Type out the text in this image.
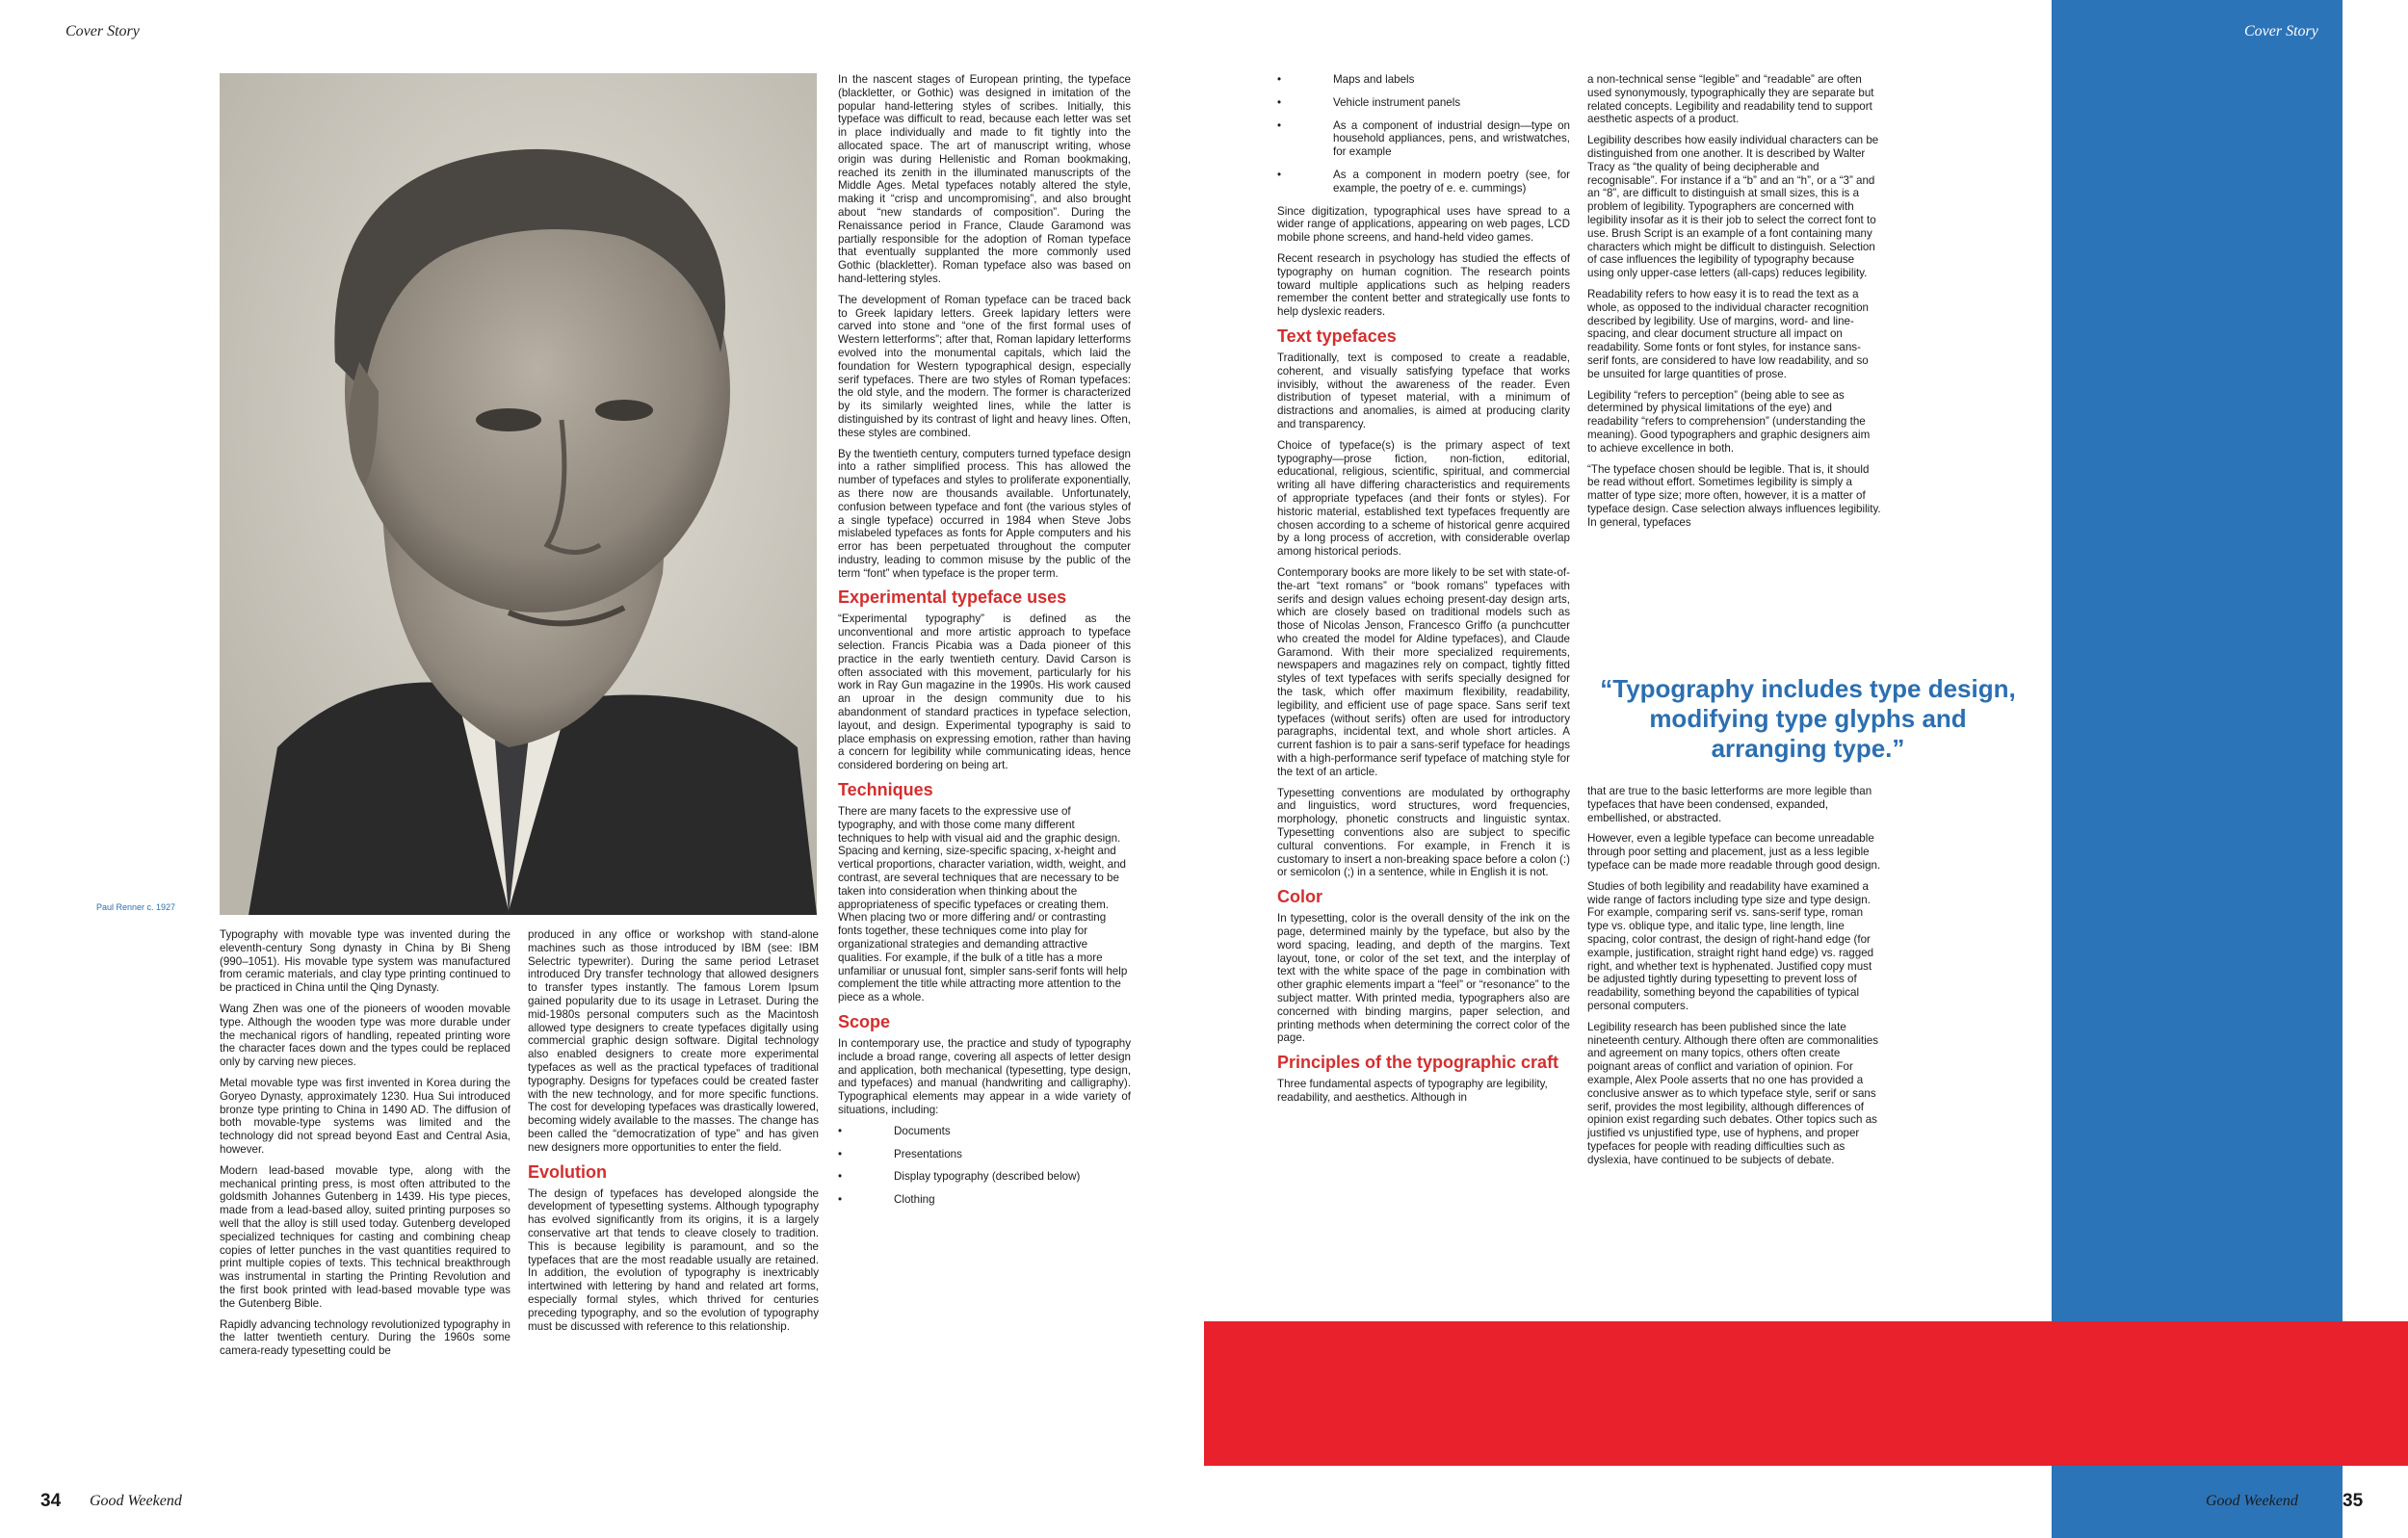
Cover Story	Cover Story
Paul Renner c. 1927

Typography with movable type was invented during the eleventh-century Song dynasty in China by Bi Sheng (990–1051). His movable type system was manufactured from ceramic materials, and clay type printing continued to be practiced in China until the Qing Dynasty.

Wang Zhen was one of the pioneers of wooden movable type. Although the wooden type was more durable under the mechanical rigors of handling, repeated printing wore the character faces down and the types could be replaced only by carving new pieces.

Metal movable type was first invented in Korea during the Goryeo Dynasty, approximately 1230. Hua Sui introduced bronze type printing to China in 1490 AD. The diffusion of both movable-type systems was limited and the technology did not spread beyond East and Central Asia, however.

Modern lead-based movable type, along with the mechanical printing press, is most often attributed to the goldsmith Johannes Gutenberg in 1439. His type pieces, made from a lead-based alloy, suited printing purposes so well that the alloy is still used today. Gutenberg developed specialized techniques for casting and combining cheap copies of letter punches in the vast quantities required to print multiple copies of texts. This technical breakthrough was instrumental in starting the Printing Revolution and the first book printed with lead-based movable type was the Gutenberg Bible.

Rapidly advancing technology revolutionized typography in the latter twentieth century. During the 1960s some camera-ready typesetting could be

produced in any office or workshop with stand-alone machines such as those introduced by IBM (see: IBM Selectric typewriter). During the same period Letraset introduced Dry transfer technology that allowed designers to transfer types instantly. The famous Lorem Ipsum gained popularity due to its usage in Letraset. During the mid-1980s personal computers such as the Macintosh allowed type designers to create typefaces digitally using commercial graphic design software. Digital technology also enabled designers to create more experimental typefaces as well as the practical typefaces of traditional typography. Designs for typefaces could be created faster with the new technology, and for more specific functions. The cost for developing typefaces was drastically lowered, becoming widely available to the masses. The change has been called the “democratization of type” and has given new designers more opportunities to enter the field.

Evolution

The design of typefaces has developed alongside the development of typesetting systems. Although typography has evolved significantly from its origins, it is a largely conservative art that tends to cleave closely to tradition. This is because legibility is paramount, and so the typefaces that are the most readable usually are retained. In addition, the evolution of typography is inextricably intertwined with lettering by hand and related art forms, especially formal styles, which thrived for centuries preceding typography, and so the evolution of typography must be discussed with reference to this relationship.

In the nascent stages of European printing, the typeface (blackletter, or Gothic) was designed in imitation of the popular hand-lettering styles of scribes. Initially, this typeface was difficult to read, because each letter was set in place individually and made to fit tightly into the allocated space. The art of manuscript writing, whose origin was during Hellenistic and Roman bookmaking, reached its zenith in the illuminated manuscripts of the Middle Ages. Metal typefaces notably altered the style, making it “crisp and uncompromising”, and also brought about “new standards of composition”. During the Renaissance period in France, Claude Garamond was partially responsible for the adoption of Roman typeface that eventually supplanted the more commonly used Gothic (blackletter). Roman typeface also was based on hand-lettering styles.

The development of Roman typeface can be traced back to Greek lapidary letters. Greek lapidary letters were carved into stone and “one of the first formal uses of Western letterforms”; after that, Roman lapidary letterforms evolved into the monumental capitals, which laid the foundation for Western typographical design, especially serif typefaces. There are two styles of Roman typefaces: the old style, and the modern. The former is characterized by its similarly weighted lines, while the latter is distinguished by its contrast of light and heavy lines. Often, these styles are combined.

By the twentieth century, computers turned typeface design into a rather simplified process. This has allowed the number of typefaces and styles to proliferate exponentially, as there now are thousands available. Unfortunately, confusion between typeface and font (the various styles of a single typeface) occurred in 1984 when Steve Jobs mislabeled typefaces as fonts for Apple computers and his error has been perpetuated throughout the computer industry, leading to common misuse by the public of the term “font” when typeface is the proper term.

Experimental typeface uses

“Experimental typography” is defined as the unconventional and more artistic approach to typeface selection. Francis Picabia was a Dada pioneer of this practice in the early twentieth century. David Carson is often associated with this movement, particularly for his work in Ray Gun magazine in the 1990s. His work caused an uproar in the design community due to his abandonment of standard practices in typeface selection, layout, and design. Experimental typography is said to place emphasis on expressing emotion, rather than having a concern for legibility while communicating ideas, hence considered bordering on being art.

Techniques

There are many facets to the expressive use of typography, and with those come many different techniques to help with visual aid and the graphic design. Spacing and kerning, size-specific spacing, x-height and vertical proportions, character variation, width, weight, and contrast, are several techniques that are necessary to be taken into consideration when thinking about the appropriateness of specific typefaces or creating them. When placing two or more differing and/ or contrasting fonts together, these techniques come into play for organizational strategies and demanding attractive qualities. For example, if the bulk of a title has a more unfamiliar or unusual font, simpler sans-serif fonts will help complement the title while attracting more attention to the piece as a whole.

Scope

In contemporary use, the practice and study of typography include a broad range, covering all aspects of letter design and application, both mechanical (typesetting, type design, and typefaces) and manual (handwriting and calligraphy). Typographical elements may appear in a wide variety of situations, including:

•	Documents
•	Presentations
•	Display typography (described below)
•	Clothing
•	Maps and labels
•	Vehicle instrument panels
•	As a component of industrial design—type on household appliances, pens, and wristwatches, for example
•	As a component in modern poetry (see, for example, the poetry of e. e. cummings)

Since digitization, typographical uses have spread to a wider range of applications, appearing on web pages, LCD mobile phone screens, and hand-held video games.

Recent research in psychology has studied the effects of typography on human cognition. The research points toward multiple applications such as helping readers remember the content better and strategically use fonts to help dyslexic readers.

Text typefaces

Traditionally, text is composed to create a readable, coherent, and visually satisfying typeface that works invisibly, without the awareness of the reader. Even distribution of typeset material, with a minimum of distractions and anomalies, is aimed at producing clarity and transparency.

Choice of typeface(s) is the primary aspect of text typography—prose fiction, non-fiction, editorial, educational, religious, scientific, spiritual, and commercial writing all have differing characteristics and requirements of appropriate typefaces (and their fonts or styles). For historic material, established text typefaces frequently are chosen according to a scheme of historical genre acquired by a long process of accretion, with considerable overlap among historical periods.

Contemporary books are more likely to be set with state-of-the-art “text romans” or “book romans” typefaces with serifs and design values echoing present-day design arts, which are closely based on traditional models such as those of Nicolas Jenson, Francesco Griffo (a punchcutter who created the model for Aldine typefaces), and Claude Garamond. With their more specialized requirements, newspapers and magazines rely on compact, tightly fitted styles of text typefaces with serifs specially designed for the task, which offer maximum flexibility, readability, legibility, and efficient use of page space. Sans serif text typefaces (without serifs) often are used for introductory paragraphs, incidental text, and whole short articles. A current fashion is to pair a sans-serif typeface for headings with a high-performance serif typeface of matching style for the text of an article.

Typesetting conventions are modulated by orthography and linguistics, word structures, word frequencies, morphology, phonetic constructs and linguistic syntax. Typesetting conventions also are subject to specific cultural conventions. For example, in French it is customary to insert a non-breaking space before a colon (:) or semicolon (;) in a sentence, while in English it is not.

Color

In typesetting, color is the overall density of the ink on the page, determined mainly by the typeface, but also by the word spacing, leading, and depth of the margins. Text layout, tone, or color of the set text, and the interplay of text with the white space of the page in combination with other graphic elements impart a “feel” or “resonance” to the subject matter. With printed media, typographers also are concerned with binding margins, paper selection, and printing methods when determining the correct color of the page.

Principles of the typographic craft

Three fundamental aspects of typography are legibility, readability, and aesthetics. Although in

a non-technical sense “legible” and “readable” are often used synonymously, typographically they are separate but related concepts. Legibility and readability tend to support aesthetic aspects of a product.

Legibility describes how easily individual characters can be distinguished from one another. It is described by Walter Tracy as “the quality of being decipherable and recognisable”. For instance if a “b” and an “h”, or a “3” and an “8”, are difficult to distinguish at small sizes, this is a problem of legibility. Typographers are concerned with legibility insofar as it is their job to select the correct font to use. Brush Script is an example of a font containing many characters which might be difficult to distinguish. Selection of case influences the legibility of typography because using only upper-case letters (all-caps) reduces legibility.

Readability refers to how easy it is to read the text as a whole, as opposed to the individual character recognition described by legibility. Use of margins, word- and line-spacing, and clear document structure all impact on readability. Some fonts or font styles, for instance sans-serif fonts, are considered to have low readability, and so be unsuited for large quantities of prose.

Legibility “refers to perception” (being able to see as determined by physical limitations of the eye) and readability “refers to comprehension” (understanding the meaning). Good typographers and graphic designers aim to achieve excellence in both.

“The typeface chosen should be legible. That is, it should be read without effort. Sometimes legibility is simply a matter of type size; more often, however, it is a matter of typeface design. Case selection always influences legibility. In general, typefaces

“Typography includes type design, modifying type glyphs and arranging type.”

that are true to the basic letterforms are more legible than typefaces that have been condensed, expanded, embellished, or abstracted.

However, even a legible typeface can become unreadable through poor setting and placement, just as a less legible typeface can be made more readable through good design.

Studies of both legibility and readability have examined a wide range of factors including type size and type design. For example, comparing serif vs. sans-serif type, roman type vs. oblique type, and italic type, line length, line spacing, color contrast, the design of right-hand edge (for example, justification, straight right hand edge) vs. ragged right, and whether text is hyphenated. Justified copy must be adjusted tightly during typesetting to prevent loss of readability, something beyond the capabilities of typical personal computers.

Legibility research has been published since the late nineteenth century. Although there often are commonalities and agreement on many topics, others often create poignant areas of conflict and variation of opinion. For example, Alex Poole asserts that no one has provided a conclusive answer as to which typeface style, serif or sans serif, provides the most legibility, although differences of opinion exist regarding such debates. Other topics such as justified vs unjustified type, use of hyphens, and proper typefaces for people with reading difficulties such as dyslexia, have continued to be subjects of debate.

34 Good Weekend	Good Weekend 35
